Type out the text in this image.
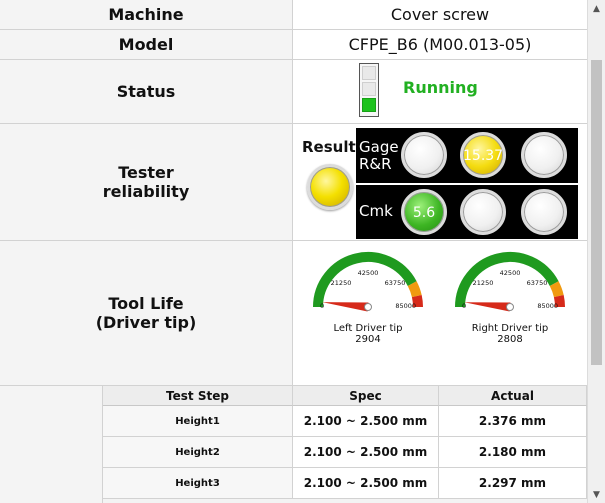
Machine	Cover screw
Model	CFPE_B6 (M00.013-05)
Status	Running
Tester reliability
Result Gage R&R	15.37
Cmk	5.6
Tool Life (Driver tip)
0
21250
42500
63750
85000
Left Driver tip
2904
0
21250
42500
63750
85000
Right Driver tip
2808
Test Step	Spec	Actual
Height1	2.100 ~ 2.500 mm	2.376 mm
Height2	2.100 ~ 2.500 mm	2.180 mm
Height3	2.100 ~ 2.500 mm	2.297 mm
▲
▼
